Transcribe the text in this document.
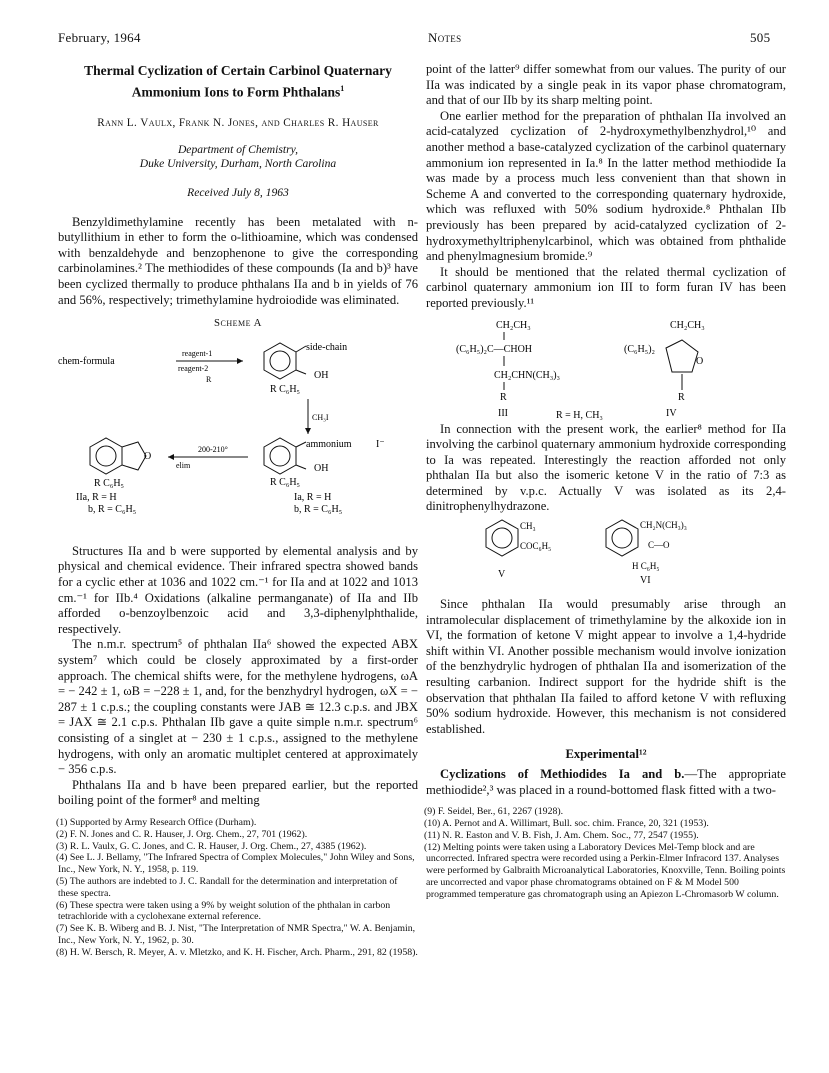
February, 1964	Notes	505
Thermal Cyclization of Certain Carbinol Quaternary Ammonium Ions to Form Phthalans$^1$
Rann L. Vaulx, Frank N. Jones, and Charles R. Hauser
Department of Chemistry,
Duke University, Durham, North Carolina
Received July 8, 1963

Benzyldimethylamine recently has been metalated with n-butyllithium in ether to form the o-lithioamine, which was condensed with benzaldehyde and benzophenone to give the corresponding carbinolamines.² The methiodides of these compounds (Ia and b)³ have been cyclized thermally to produce phthalans IIa and b in yields of 76 and 56%, respectively; trimethylamine hydroiodide was eliminated.

Scheme A
chem-formula
reagent-1
reagent-2
R
side-chain
OH
R C₆H₅
CH₃I
ammonium I⁻
OH
R C₆H₅
Ia, R = H
b, R = C₆H₅
200-210°
elim
O
R C₆H₅
IIa, R = H
b, R = C₆H₅

Structures IIa and b were supported by elemental analysis and by physical and chemical evidence. Their infrared spectra showed bands for a cyclic ether at 1036 and 1022 cm.⁻¹ for IIa and at 1022 and 1013 cm.⁻¹ for IIb.⁴ Oxidations (alkaline permanganate) of IIa and IIb afforded o-benzoylbenzoic acid and 3,3-diphenylphthalide, respectively.

The n.m.r. spectrum⁵ of phthalan IIa⁶ showed the expected ABX system⁷ which could be closely approximated by a first-order approach. The chemical shifts were, for the methylene hydrogens, ωA = − 242 ± 1, ωB = −228 ± 1, and, for the benzhydryl hydrogen, ωX = − 287 ± 1 c.p.s.; the coupling constants were JAB ≅ 12.3 c.p.s. and JBX = JAX ≅ 2.1 c.p.s. Phthalan IIb gave a quite simple n.m.r. spectrum⁶ consisting of a singlet at − 230 ± 1 c.p.s., assigned to the methylene hydrogens, with only an aromatic multiplet centered at approximately − 356 c.p.s.

Phthalans IIa and b have been prepared earlier, but the reported boiling point of the former⁸ and melting

(1) Supported by Army Research Office (Durham).
(2) F. N. Jones and C. R. Hauser, J. Org. Chem., 27, 701 (1962).
(3) R. L. Vaulx, G. C. Jones, and C. R. Hauser, J. Org. Chem., 27, 4385 (1962).
(4) See L. J. Bellamy, "The Infrared Spectra of Complex Molecules," John Wiley and Sons, Inc., New York, N. Y., 1958, p. 119.
(5) The authors are indebted to J. C. Randall for the determination and interpretation of these spectra.
(6) These spectra were taken using a 9% by weight solution of the phthalan in carbon tetrachloride with a cyclohexane external reference.
(7) See K. B. Wiberg and B. J. Nist, "The Interpretation of NMR Spectra," W. A. Benjamin, Inc., New York, N. Y., 1962, p. 30.
(8) H. W. Bersch, R. Meyer, A. v. Mletzko, and K. H. Fischer, Arch. Pharm., 291, 82 (1958).

point of the latter⁹ differ somewhat from our values. The purity of our IIa was indicated by a single peak in its vapor phase chromatogram, and that of our IIb by its sharp melting point.

One earlier method for the preparation of phthalan IIa involved an acid-catalyzed cyclization of 2-hydroxymethylbenzhydrol,¹⁰ and another method a base-catalyzed cyclization of the carbinol quaternary ammonium ion represented in Ia.⁸ In the latter method methiodide Ia was made by a process much less convenient than that shown in Scheme A and converted to the corresponding quaternary hydroxide, which was refluxed with 50% sodium hydroxide.⁸ Phthalan IIb previously has been prepared by acid-catalyzed cyclization of 2-hydroxymethyltriphenylcarbinol, which was obtained from phthalide and phenylmagnesium bromide.⁹

It should be mentioned that the related thermal cyclization of carbinol quaternary ammonium ion III to form furan IV has been reported previously.¹¹

CH₂CH₃
(C₆H₅)₂C—CHOH
CH₂CHN(CH₃)₃
R
III	R = H, CH₃
CH₂CH₃
(C₆H₅)₂
O
R
IV

In connection with the present work, the earlier⁸ method for IIa involving the carbinol quaternary ammonium hydroxide corresponding to Ia was repeated. Interestingly the reaction afforded not only phthalan IIa but also the isomeric ketone V in the ratio of 7:3 as determined by v.p.c. Actually V was isolated as its 2,4-dinitrophenylhydrazone.

CH₃
COC₆H₅
V
CH₂N(CH₃)₃
C—O
H C₆H₅
VI

Since phthalan IIa would presumably arise through an intramolecular displacement of trimethylamine by the alkoxide ion in VI, the formation of ketone V might appear to involve a 1,4-hydride shift within VI. Another possible mechanism would involve ionization of the benzhydrylic hydrogen of phthalan IIa and isomerization of the resulting carbanion. Indirect support for the hydride shift is the observation that phthalan IIa failed to afford ketone V with refluxing 50% sodium hydroxide. However, this mechanism is not considered established.

Experimental¹²

Cyclizations of Methiodides Ia and b.—The appropriate methiodide²,³ was placed in a round-bottomed flask fitted with a two-

(9) F. Seidel, Ber., 61, 2267 (1928).
(10) A. Pernot and A. Willimart, Bull. soc. chim. France, 20, 321 (1953).
(11) N. R. Easton and V. B. Fish, J. Am. Chem. Soc., 77, 2547 (1955).
(12) Melting points were taken using a Laboratory Devices Mel-Temp block and are uncorrected. Infrared spectra were recorded using a Perkin-Elmer Infracord 137. Analyses were performed by Galbraith Microanalytical Laboratories, Knoxville, Tenn. Boiling points are uncorrected and vapor phase chromatograms obtained on F & M Model 500 programmed temperature gas chromatograph using an Apiezon L-Chromasorb W column.
